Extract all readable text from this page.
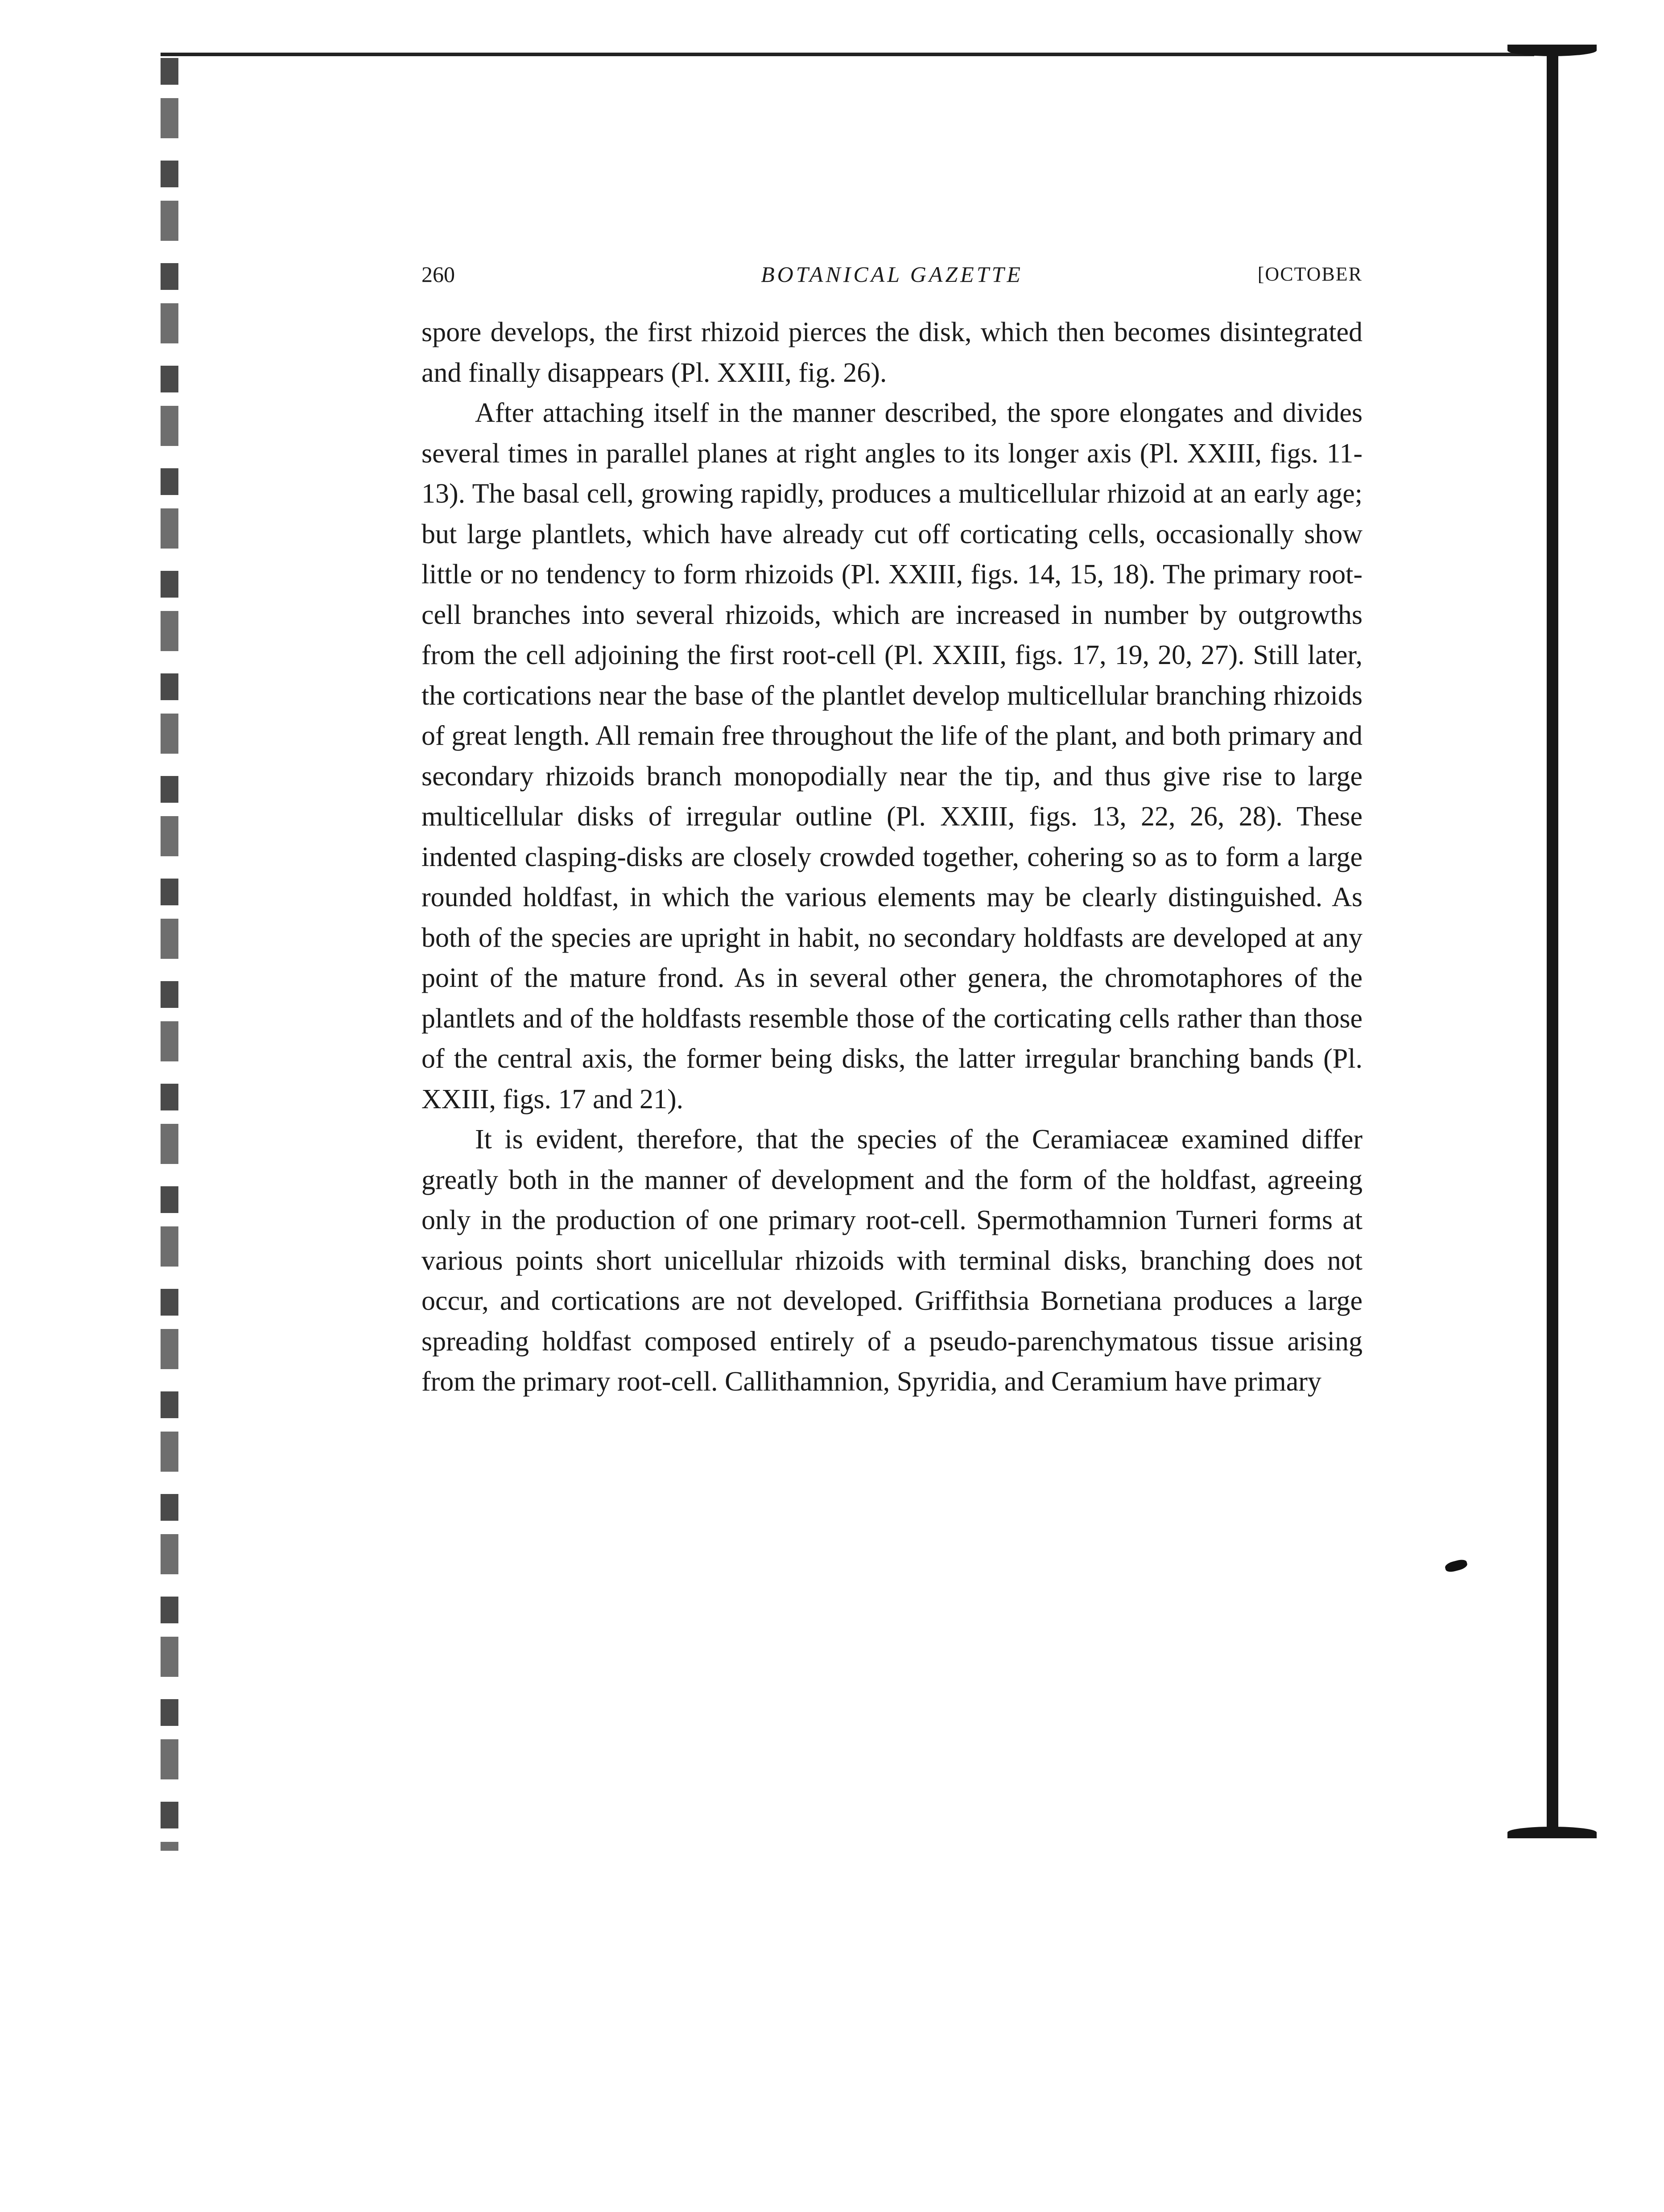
260	BOTANICAL GAZETTE	[OCTOBER

spore develops, the first rhizoid pierces the disk, which then becomes disintegrated and finally disappears (Pl. XXIII, fig. 26).

After attaching itself in the manner described, the spore elongates and divides several times in parallel planes at right angles to its longer axis (Pl. XXIII, figs. 11-13). The basal cell, growing rapidly, produces a multicellular rhizoid at an early age; but large plantlets, which have already cut off corticating cells, occasionally show little or no tendency to form rhizoids (Pl. XXIII, figs. 14, 15, 18). The primary root-cell branches into several rhizoids, which are increased in number by outgrowths from the cell adjoining the first root-cell (Pl. XXIII, figs. 17, 19, 20, 27). Still later, the cortications near the base of the plantlet develop multicellular branching rhizoids of great length. All remain free throughout the life of the plant, and both primary and secondary rhizoids branch monopodially near the tip, and thus give rise to large multicellular disks of irregular outline (Pl. XXIII, figs. 13, 22, 26, 28). These indented clasping-disks are closely crowded together, cohering so as to form a large rounded holdfast, in which the various elements may be clearly distinguished. As both of the species are upright in habit, no secondary holdfasts are developed at any point of the mature frond. As in several other genera, the chromotaphores of the plantlets and of the holdfasts resemble those of the corticating cells rather than those of the central axis, the former being disks, the latter irregular branching bands (Pl. XXIII, figs. 17 and 21).

It is evident, therefore, that the species of the Ceramiaceæ examined differ greatly both in the manner of development and the form of the holdfast, agreeing only in the production of one primary root-cell. Spermothamnion Turneri forms at various points short unicellular rhizoids with terminal disks, branching does not occur, and cortications are not developed. Griffithsia Bornetiana produces a large spreading holdfast composed entirely of a pseudo-parenchymatous tissue arising from the primary root-cell. Callithamnion, Spyridia, and Ceramium have primary
